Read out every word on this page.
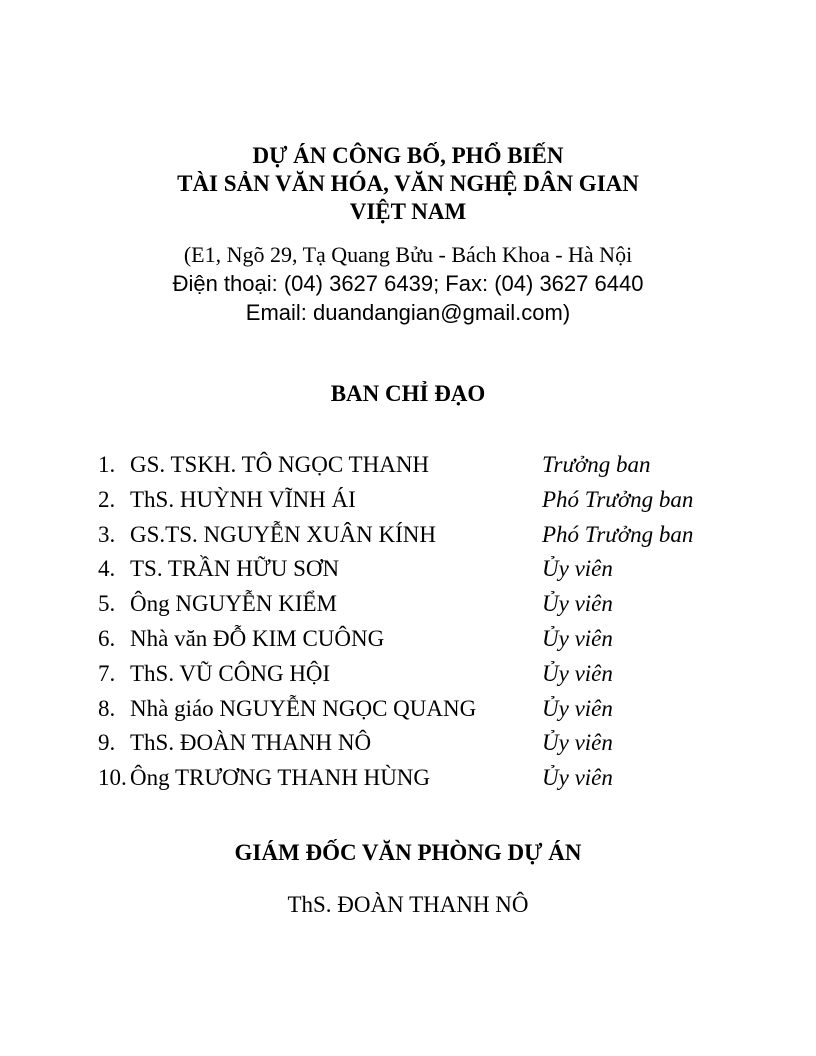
DỰ ÁN CÔNG BỐ, PHỔ BIẾN

TÀI SẢN VĂN HÓA, VĂN NGHỆ DÂN GIAN

VIỆT NAM

(E1, Ngõ 29, Tạ Quang Bửu - Bách Khoa - Hà Nội

Điện thoại: (04) 3627 6439; Fax: (04) 3627 6440

Email: duandangian@gmail.com)

BAN CHỈ ĐẠO

1. GS. TSKH. TÔ NGỌC THANH	Trưởng ban
2. ThS. HUỲNH VĨNH ÁI	Phó Trưởng ban
3. GS.TS. NGUYỄN XUÂN KÍNH	Phó Trưởng ban
4. TS. TRẦN HỮU SƠN	Ủy viên
5. Ông NGUYỄN KIỂM	Ủy viên
6. Nhà văn ĐỖ KIM CUÔNG	Ủy viên
7. ThS. VŨ CÔNG HỘI	Ủy viên
8. Nhà giáo NGUYỄN NGỌC QUANG	Ủy viên
9. ThS. ĐOÀN THANH NÔ	Ủy viên
10. Ông TRƯƠNG THANH HÙNG	Ủy viên

GIÁM ĐỐC VĂN PHÒNG DỰ ÁN

ThS. ĐOÀN THANH NÔ
